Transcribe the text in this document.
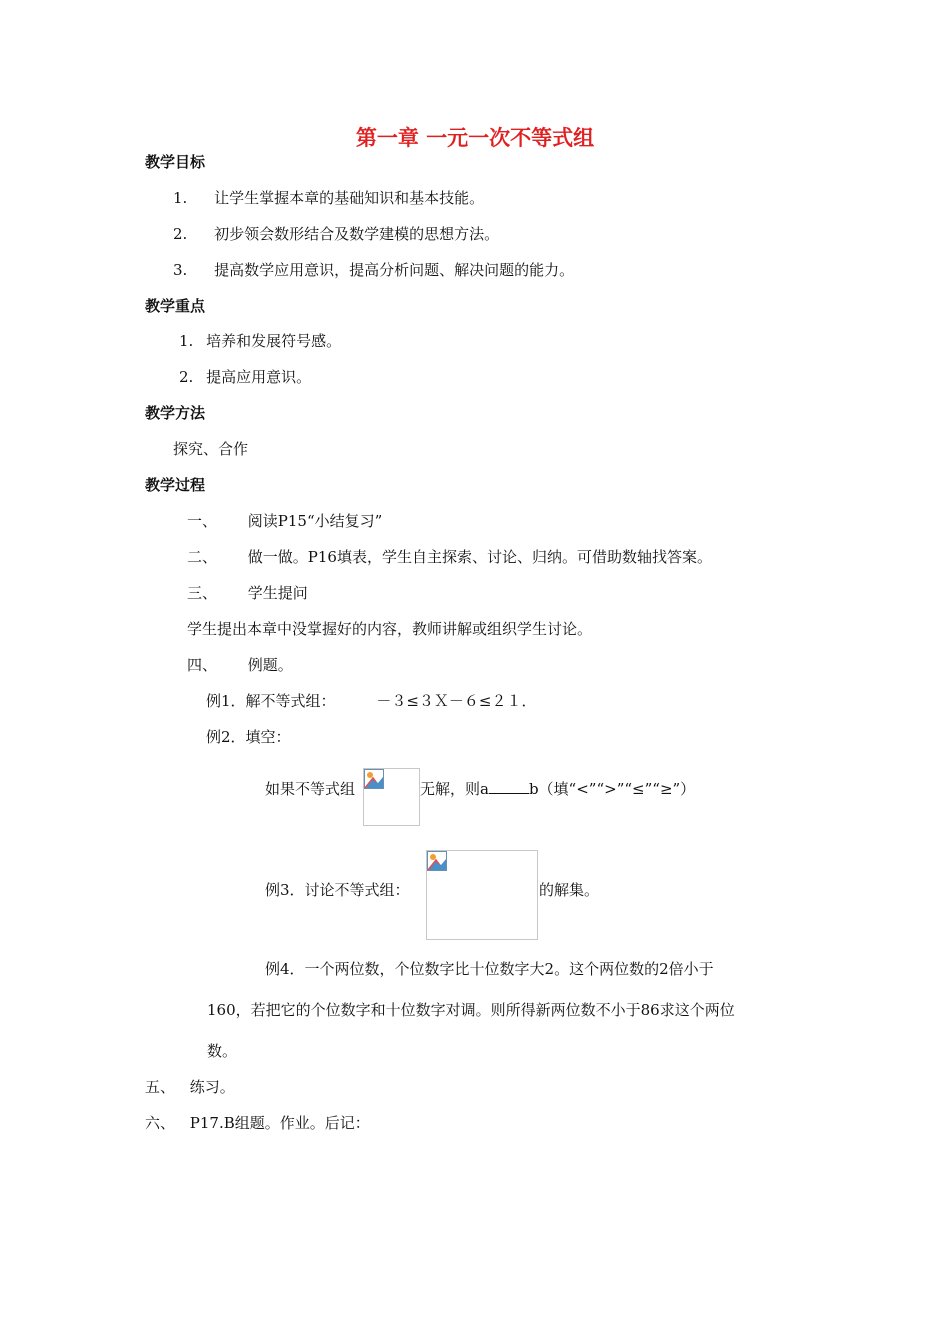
第一章 一元一次不等式组
教学目标
1. 让学生掌握本章的基础知识和基本技能。
2. 初步领会数形结合及数学建模的思想方法。
3. 提高数学应用意识，提高分析问题、解决问题的能力。
教学重点
1. 培养和发展符号感。
2. 提高应用意识。
教学方法
探究、合作
教学过程
一、 阅读P15“小结复习”
二、 做一做。P16填表，学生自主探索、讨论、归纳。可借助数轴找答案。
三、 学生提问
学生提出本章中没掌握好的内容，教师讲解或组织学生讨论。
四、 例题。
例1．解不等式组：	－３≤３Ｘ－６≤２１．
例2．填空：
如果不等式组	无解，则a	b（填“<”“>”“≤”“≥”）
例3．讨论不等式组：	的解集。
例4．一个两位数，个位数字比十位数字大2。这个两位数的2倍小于
160，若把它的个位数字和十位数字对调。则所得新两位数不小于86求这个两位
数。
五、 练习。
六、 P17.B组题。作业。后记：
